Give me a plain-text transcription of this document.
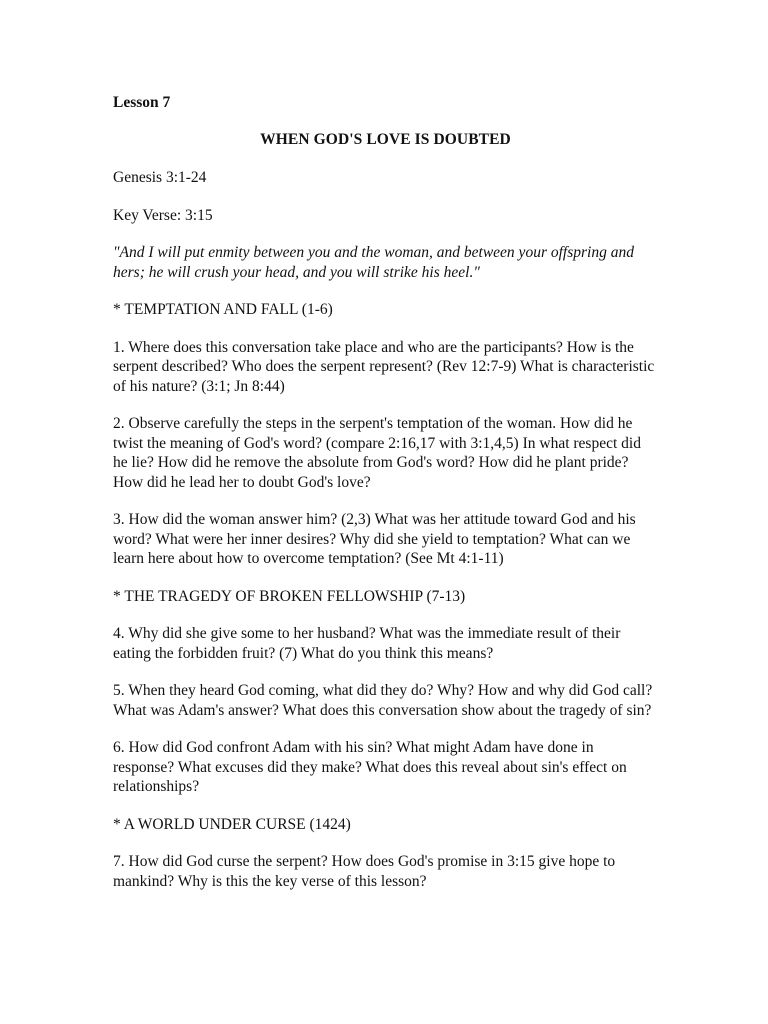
Lesson 7
WHEN GOD'S LOVE IS DOUBTED

Genesis 3:1-24

Key Verse: 3:15

"And I will put enmity between you and the woman, and between your offspring and hers; he will crush your head, and you will strike his heel."

* TEMPTATION AND FALL (1-6)

1. Where does this conversation take place and who are the participants? How is the serpent described? Who does the serpent represent? (Rev 12:7-9) What is characteristic of his nature? (3:1; Jn 8:44)

2. Observe carefully the steps in the serpent's temptation of the woman. How did he twist the meaning of God's word? (compare 2:16,17 with 3:1,4,5) In what respect did he lie? How did he remove the absolute from God's word? How did he plant pride? How did he lead her to doubt God's love?

3. How did the woman answer him? (2,3) What was her attitude toward God and his word? What were her inner desires? Why did she yield to temptation? What can we learn here about how to overcome temptation? (See Mt 4:1-11)

* THE TRAGEDY OF BROKEN FELLOWSHIP (7-13)

4. Why did she give some to her husband? What was the immediate result of their eating the forbidden fruit? (7) What do you think this means?

5. When they heard God coming, what did they do? Why? How and why did God call? What was Adam's answer? What does this conversation show about the tragedy of sin?

6. How did God confront Adam with his sin? What might Adam have done in response? What excuses did they make? What does this reveal about sin's effect on relationships?

* A WORLD UNDER CURSE (1424)

7. How did God curse the serpent? How does God's promise in 3:15 give hope to mankind? Why is this the key verse of this lesson?
